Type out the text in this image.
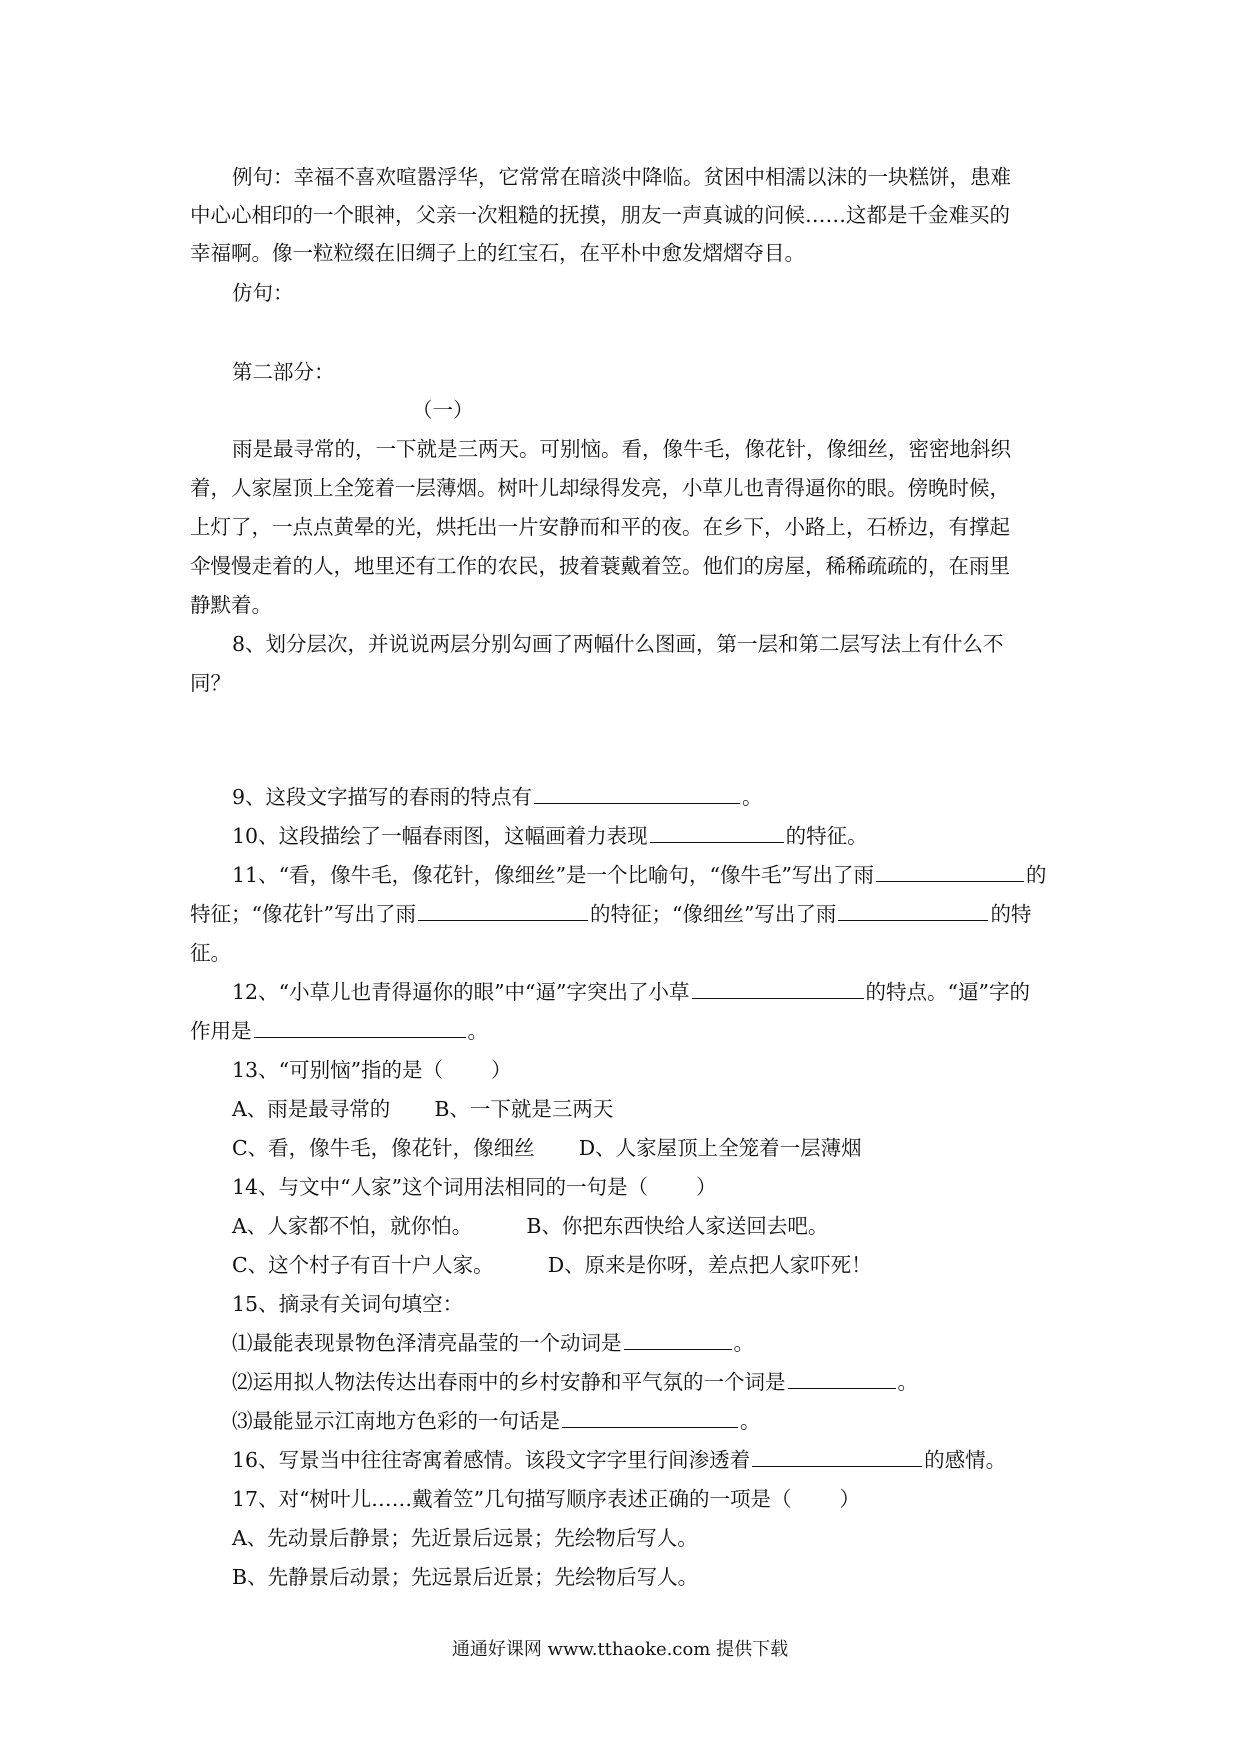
例句：幸福不喜欢喧嚣浮华，它常常在暗淡中降临。贫困中相濡以沫的一块糕饼，患难
中心心相印的一个眼神，父亲一次粗糙的抚摸，朋友一声真诚的问候……这都是千金难买的
幸福啊。像一粒粒缀在旧绸子上的红宝石，在平朴中愈发熠熠夺目。
仿句：
第二部分：
（一）
雨是最寻常的，一下就是三两天。可别恼。看，像牛毛，像花针，像细丝，密密地斜织
着，人家屋顶上全笼着一层薄烟。树叶儿却绿得发亮，小草儿也青得逼你的眼。傍晚时候，
上灯了，一点点黄晕的光，烘托出一片安静而和平的夜。在乡下，小路上，石桥边，有撑起
伞慢慢走着的人，地里还有工作的农民，披着蓑戴着笠。他们的房屋，稀稀疏疏的，在雨里
静默着。
8、划分层次，并说说两层分别勾画了两幅什么图画，第一层和第二层写法上有什么不
同？
9、这段文字描写的春雨的特点有	。
10、这段描绘了一幅春雨图，这幅画着力表现	的特征。
11、“看，像牛毛，像花针，像细丝”是一个比喻句，“像牛毛”写出了雨	的
特征；“像花针”写出了雨	的特征；“像细丝”写出了雨	的特
征。
12、“小草儿也青得逼你的眼”中“逼”字突出了小草	的特点。“逼”字的
作用是	。
13、“可别恼”指的是（ ）
A、雨是最寻常的 B、一下就是三两天
C、看，像牛毛，像花针，像细丝 D、人家屋顶上全笼着一层薄烟
14、与文中“人家”这个词用法相同的一句是（ ）
A、人家都不怕，就你怕。	B、你把东西快给人家送回去吧。
C、这个村子有百十户人家。	D、原来是你呀，差点把人家吓死！
15、摘录有关词句填空：
⑴最能表现景物色泽清亮晶莹的一个动词是	。
⑵运用拟人物法传达出春雨中的乡村安静和平气氛的一个词是	。
⑶最能显示江南地方色彩的一句话是	。
16、写景当中往往寄寓着感情。该段文字字里行间渗透着	的感情。
17、对“树叶儿……戴着笠”几句描写顺序表述正确的一项是（ ）
A、先动景后静景；先近景后远景；先绘物后写人。
B、先静景后动景；先远景后近景；先绘物后写人。
通通好课网 www.tthaoke.com 提供下载
